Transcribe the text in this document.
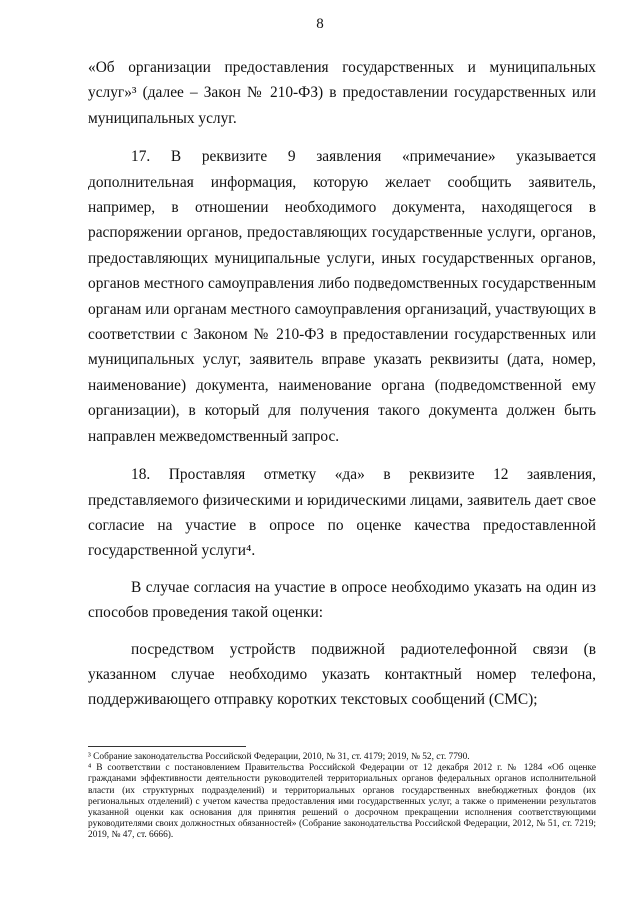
8

«Об организации предоставления государственных и муниципальных услуг»³ (далее – Закон № 210-ФЗ) в предоставлении государственных или муниципальных услуг.

17. В реквизите 9 заявления «примечание» указывается дополнительная информация, которую желает сообщить заявитель, например, в отношении необходимого документа, находящегося в распоряжении органов, предоставляющих государственные услуги, органов, предоставляющих муниципальные услуги, иных государственных органов, органов местного самоуправления либо подведомственных государственным органам или органам местного самоуправления организаций, участвующих в соответствии с Законом № 210-ФЗ в предоставлении государственных или муниципальных услуг, заявитель вправе указать реквизиты (дата, номер, наименование) документа, наименование органа (подведомственной ему организации), в который для получения такого документа должен быть направлен межведомственный запрос.

18. Проставляя отметку «да» в реквизите 12 заявления, представляемого физическими и юридическими лицами, заявитель дает свое согласие на участие в опросе по оценке качества предоставленной государственной услуги⁴.

В случае согласия на участие в опросе необходимо указать на один из способов проведения такой оценки:

посредством устройств подвижной радиотелефонной связи (в указанном случае необходимо указать контактный номер телефона, поддерживающего отправку коротких текстовых сообщений (СМС);

³ Собрание законодательства Российской Федерации, 2010, № 31, ст. 4179; 2019, № 52, ст. 7790.

⁴ В соответствии с постановлением Правительства Российской Федерации от 12 декабря 2012 г. № 1284 «Об оценке гражданами эффективности деятельности руководителей территориальных органов федеральных органов исполнительной власти (их структурных подразделений) и территориальных органов государственных внебюджетных фондов (их региональных отделений) с учетом качества предоставления ими государственных услуг, а также о применении результатов указанной оценки как основания для принятия решений о досрочном прекращении исполнения соответствующими руководителями своих должностных обязанностей» (Собрание законодательства Российской Федерации, 2012, № 51, ст. 7219; 2019, № 47, ст. 6666).
